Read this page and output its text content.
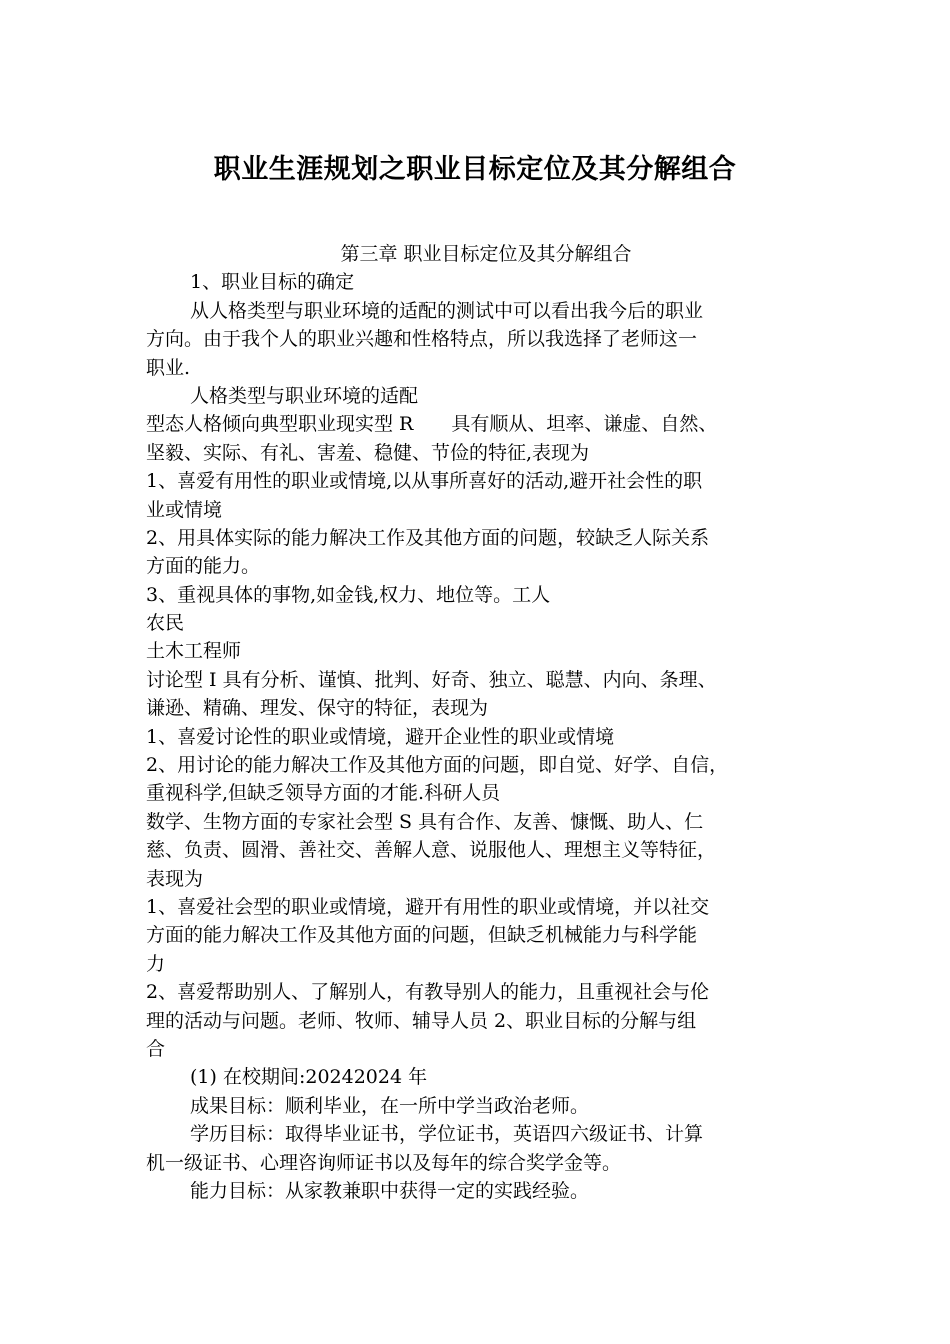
职业生涯规划之职业目标定位及其分解组合
第三章 职业目标定位及其分解组合
1、职业目标的确定
从人格类型与职业环境的适配的测试中可以看出我今后的职业
方向。由于我个人的职业兴趣和性格特点，所以我选择了老师这一
职业.
人格类型与职业环境的适配
型态人格倾向典型职业现实型 R　　具有顺从、坦率、谦虚、自然、
坚毅、实际、有礼、害羞、稳健、节俭的特征,表现为
1、喜爱有用性的职业或情境,以从事所喜好的活动,避开社会性的职
业或情境
2、用具体实际的能力解决工作及其他方面的问题，较缺乏人际关系
方面的能力。
3、重视具体的事物,如金钱,权力、地位等。工人
农民
土木工程师
讨论型 I 具有分析、谨慎、批判、好奇、独立、聪慧、内向、条理、
谦逊、精确、理发、保守的特征，表现为
1、喜爱讨论性的职业或情境，避开企业性的职业或情境
2、用讨论的能力解决工作及其他方面的问题，即自觉、好学、自信，
重视科学,但缺乏领导方面的才能.科研人员
数学、生物方面的专家社会型 S 具有合作、友善、慷慨、助人、仁
慈、负责、圆滑、善社交、善解人意、说服他人、理想主义等特征，
表现为
1、喜爱社会型的职业或情境，避开有用性的职业或情境，并以社交
方面的能力解决工作及其他方面的问题，但缺乏机械能力与科学能
力
2、喜爱帮助别人、了解别人，有教导别人的能力，且重视社会与伦
理的活动与问题。老师、牧师、辅导人员 2、职业目标的分解与组
合
(1) 在校期间:20242024 年
成果目标：顺利毕业，在一所中学当政治老师。
学历目标：取得毕业证书，学位证书，英语四六级证书、计算
机一级证书、心理咨询师证书以及每年的综合奖学金等。
能力目标：从家教兼职中获得一定的实践经验。
